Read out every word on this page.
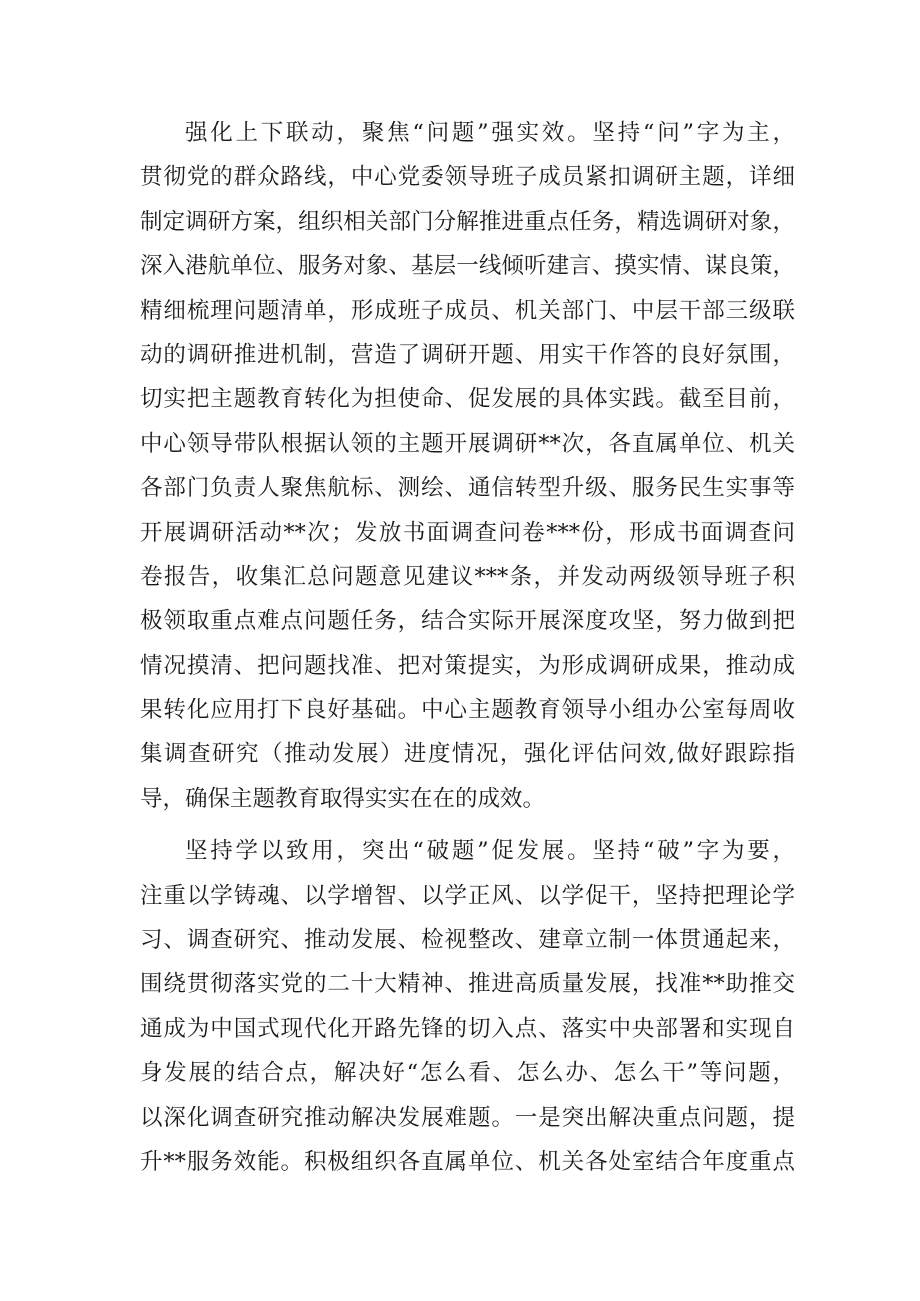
强化上下联动，聚焦“问题”强实效。坚持“问”字为主，
贯彻党的群众路线，中心党委领导班子成员紧扣调研主题，详细
制定调研方案，组织相关部门分解推进重点任务，精选调研对象，
深入港航单位、服务对象、基层一线倾听建言、摸实情、谋良策，
精细梳理问题清单，形成班子成员、机关部门、中层干部三级联
动的调研推进机制，营造了调研开题、用实干作答的良好氛围，
切实把主题教育转化为担使命、促发展的具体实践。截至目前，
中心领导带队根据认领的主题开展调研**次，各直属单位、机关
各部门负责人聚焦航标、测绘、通信转型升级、服务民生实事等
开展调研活动**次；发放书面调查问卷***份，形成书面调查问
卷报告，收集汇总问题意见建议***条，并发动两级领导班子积
极领取重点难点问题任务，结合实际开展深度攻坚，努力做到把
情况摸清、把问题找准、把对策提实，为形成调研成果，推动成
果转化应用打下良好基础。中心主题教育领导小组办公室每周收
集调查研究（推动发展）进度情况，强化评估问效,做好跟踪指
导，确保主题教育取得实实在在的成效。

坚持学以致用，突出“破题”促发展。坚持“破”字为要，
注重以学铸魂、以学增智、以学正风、以学促干，坚持把理论学
习、调查研究、推动发展、检视整改、建章立制一体贯通起来，
围绕贯彻落实党的二十大精神、推进高质量发展，找准**助推交
通成为中国式现代化开路先锋的切入点、落实中央部署和实现自
身发展的结合点，解决好“怎么看、怎么办、怎么干”等问题，
以深化调查研究推动解决发展难题。一是突出解决重点问题，提
升**服务效能。积极组织各直属单位、机关各处室结合年度重点
